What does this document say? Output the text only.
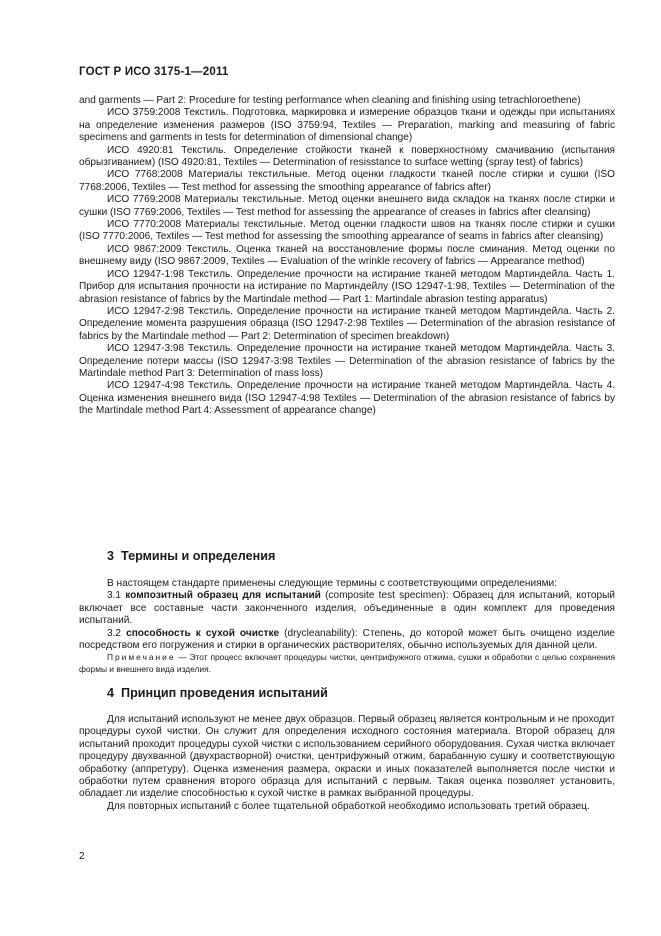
ГОСТ Р ИСО 3175-1—2011

and garments — Part 2: Procedure for testing performance when cleaning and finishing using tetrachloroethene)

ИСО 3759:2008 Текстиль. Подготовка, маркировка и измерение образцов ткани и одежды при испытаниях на определение изменения размеров (ISO 3759:94, Textiles — Preparation, marking and measuring of fabric specimens and garments in tests for determination of dimensional change)

ИСО 4920:81 Текстиль. Определение стойкости тканей к поверхностному смачиванию (испытания обрызгиванием) (ISO 4920:81, Textiles — Determination of resisstance to surface wetting (spray test) of fabrics)

ИСО 7768:2008 Материалы текстильные. Метод оценки гладкости тканей после стирки и сушки (ISO 7768:2006, Textiles — Test method for assessing the smoothing appearance of fabrics after)

ИСО 7769:2008 Материалы текстильные. Метод оценки внешнего вида складок на тканях после стирки и сушки (ISO 7769:2006, Textiles — Test method for assessing the appearance of creases in fabrics after cleansing)

ИСО 7770:2008 Материалы текстильные. Метод оценки гладкости швов на тканях после стирки и сушки (ISO 7770:2006, Textiles — Test method for assessing the smoothing appearance of seams in fabrics after cleansing)

ИСО 9867:2009 Текстиль. Оценка тканей на восстановление формы после сминания. Метод оценки по внешнему виду (ISO 9867:2009, Textiles — Evaluation of the wrinkle recovery of fabrics — Appearance method)

ИСО 12947-1:98 Текстиль. Определение прочности на истирание тканей методом Мартиндейла. Часть 1. Прибор для испытания прочности на истирание по Мартиндейлу (ISO 12947-1:98, Textiles — Determination of the abrasion resistance of fabrics by the Martindale method — Part 1: Martindale abrasion testing apparatus)

ИСО 12947-2:98 Текстиль. Определение прочности на истирание тканей методом Мартиндейла. Часть 2. Определение момента разрушения образца (ISO 12947-2:98 Textiles — Determination of the abrasion resistance of fabrics by the Martindale method — Part 2: Determination of specimen breakdown)

ИСО 12947-3:98 Текстиль. Определение прочности на истирание тканей методом Мартиндейла. Часть 3. Определение потери массы (ISO 12947-3:98 Textiles — Determination of the abrasion resistance of fabrics by the Martindale method Part 3: Determination of mass loss)

ИСО 12947-4:98 Текстиль. Определение прочности на истирание тканей методом Мартиндейла. Часть 4. Оценка изменения внешнего вида (ISO 12947-4:98 Textiles — Determination of the abrasion resistance of fabrics by the Martindale method Part 4: Assessment of appearance change)

3 Термины и определения

В настоящем стандарте применены следующие термины с соответствующими определениями:

3.1 композитный образец для испытаний (composite test specimen): Образец для испытаний, который включает все составные части законченного изделия, объединенные в один комплект для проведения испытаний.

3.2 способность к сухой очистке (drycleanability): Степень, до которой может быть очищено изделие посредством его погружения и стирки в органических растворителях, обычно используемых для данной цели.

Примечание — Этот процесс включает процедуры чистки, центрифужного отжима, сушки и обработки с целью сохранения формы и внешнего вида изделия.

4 Принцип проведения испытаний

Для испытаний используют не менее двух образцов. Первый образец является контрольным и не проходит процедуры сухой чистки. Он служит для определения исходного состояния материала. Второй образец для испытаний проходит процедуры сухой чистки с использованием серийного оборудования. Сухая чистка включает процедуру двухванной (двухрастворной) очистки, центрифужный отжим, барабанную сушку и соответствующую обработку (аппретуру). Оценка изменения размера, окраски и иных показателей выполняется после чистки и обработки путем сравнения второго образца для испытаний с первым. Такая оценка позволяет установить, обладает ли изделие способностью к сухой чистке в рамках выбранной процедуры.

Для повторных испытаний с более тщательной обработкой необходимо использовать третий образец.

2
